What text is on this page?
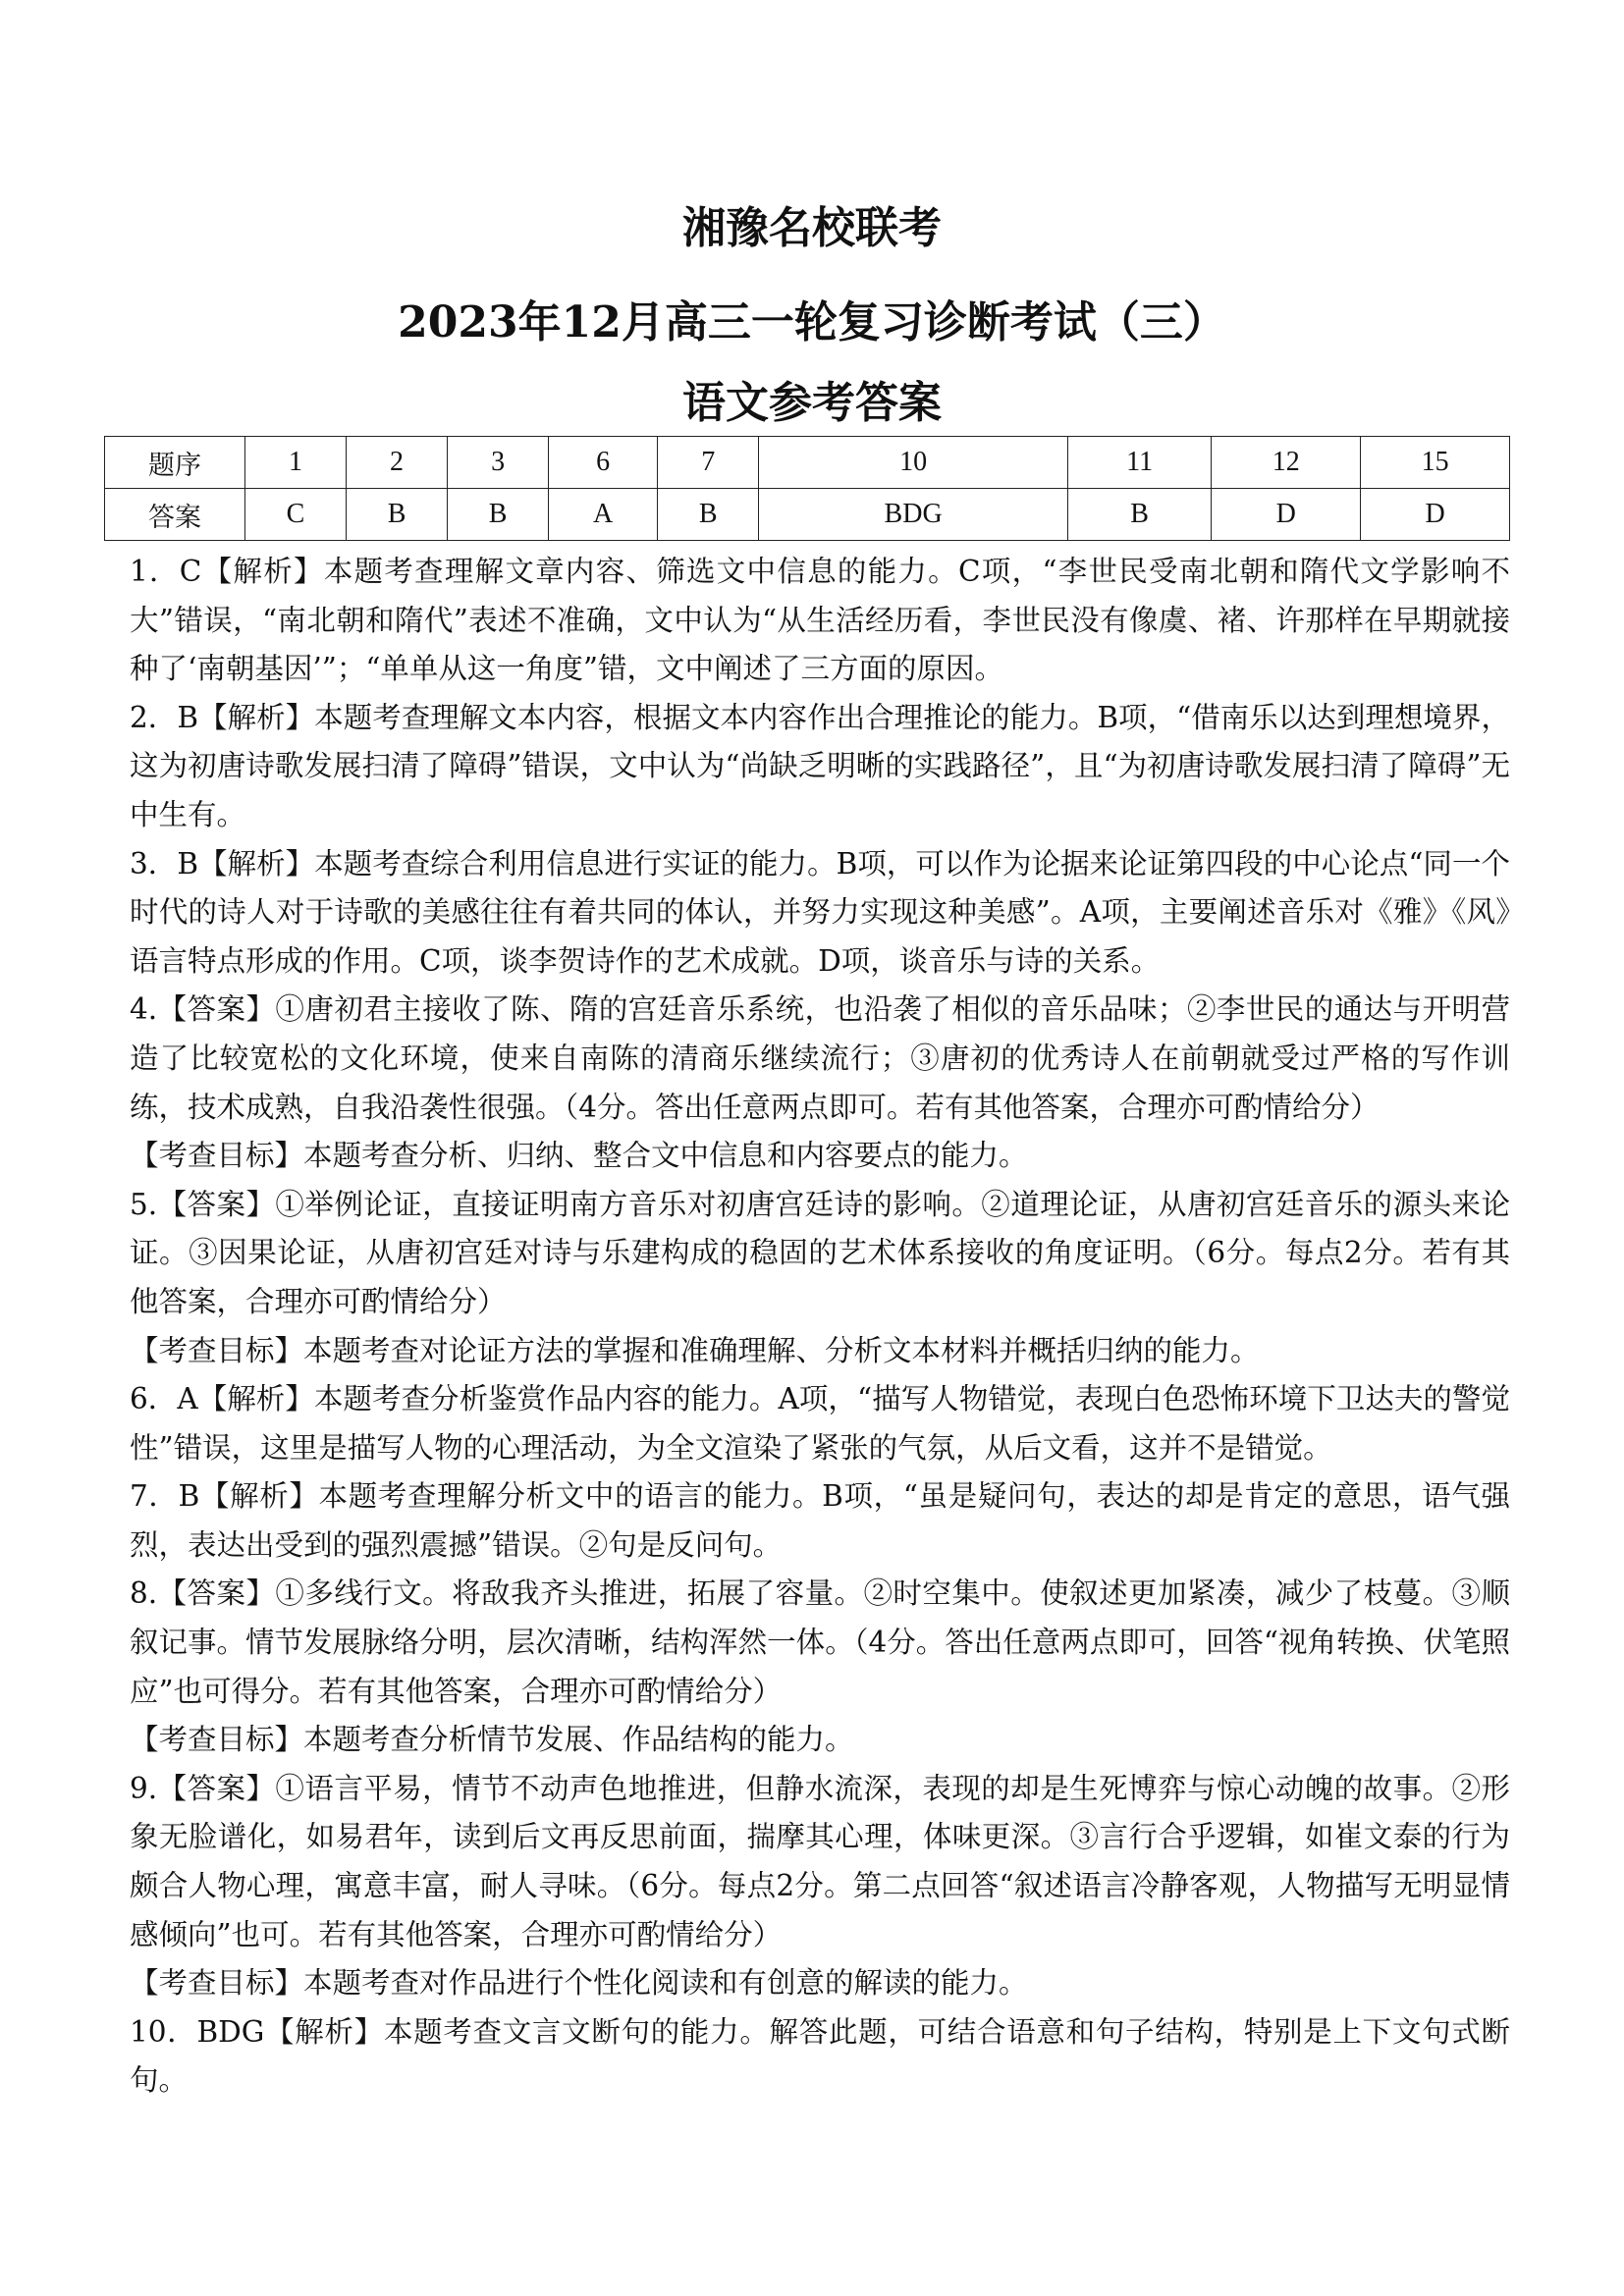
湘豫名校联考
2023年12月高三一轮复习诊断考试（三）
语文参考答案
题序	1	2	3	6	7	10	11	12	15
答案	C	B	B	A	B	BDG	B	D	D

1．C【解析】本题考查理解文章内容、筛选文中信息的能力。C项，“李世民受南北朝和隋代文学影响不大”错误，“南北朝和隋代”表述不准确，文中认为“从生活经历看，李世民没有像虞、褚、许那样在早期就接种了‘南朝基因’”；“单单从这一角度”错，文中阐述了三方面的原因。

2．B【解析】本题考查理解文本内容，根据文本内容作出合理推论的能力。B项，“借南乐以达到理想境界，这为初唐诗歌发展扫清了障碍”错误，文中认为“尚缺乏明晰的实践路径”，且“为初唐诗歌发展扫清了障碍”无中生有。

3．B【解析】本题考查综合利用信息进行实证的能力。B项，可以作为论据来论证第四段的中心论点“同一个时代的诗人对于诗歌的美感往往有着共同的体认，并努力实现这种美感”。A项，主要阐述音乐对《雅》《风》语言特点形成的作用。C项，谈李贺诗作的艺术成就。D项，谈音乐与诗的关系。

4.【答案】①唐初君主接收了陈、隋的宫廷音乐系统，也沿袭了相似的音乐品味；②李世民的通达与开明营造了比较宽松的文化环境，使来自南陈的清商乐继续流行；③唐初的优秀诗人在前朝就受过严格的写作训练，技术成熟，自我沿袭性很强。（4分。答出任意两点即可。若有其他答案，合理亦可酌情给分）

【考查目标】本题考查分析、归纳、整合文中信息和内容要点的能力。

5.【答案】①举例论证，直接证明南方音乐对初唐宫廷诗的影响。②道理论证，从唐初宫廷音乐的源头来论证。③因果论证，从唐初宫廷对诗与乐建构成的稳固的艺术体系接收的角度证明。（6分。每点2分。若有其他答案，合理亦可酌情给分）

【考查目标】本题考查对论证方法的掌握和准确理解、分析文本材料并概括归纳的能力。

6．A【解析】本题考查分析鉴赏作品内容的能力。A项，“描写人物错觉，表现白色恐怖环境下卫达夫的警觉性”错误，这里是描写人物的心理活动，为全文渲染了紧张的气氛，从后文看，这并不是错觉。

7．B【解析】本题考查理解分析文中的语言的能力。B项，“虽是疑问句，表达的却是肯定的意思，语气强烈，表达出受到的强烈震撼”错误。②句是反问句。

8.【答案】①多线行文。将敌我齐头推进，拓展了容量。②时空集中。使叙述更加紧凑，减少了枝蔓。③顺叙记事。情节发展脉络分明，层次清晰，结构浑然一体。（4分。答出任意两点即可，回答“视角转换、伏笔照应”也可得分。若有其他答案，合理亦可酌情给分）

【考查目标】本题考查分析情节发展、作品结构的能力。

9.【答案】①语言平易，情节不动声色地推进，但静水流深，表现的却是生死博弈与惊心动魄的故事。②形象无脸谱化，如易君年，读到后文再反思前面，揣摩其心理，体味更深。③言行合乎逻辑，如崔文泰的行为颇合人物心理，寓意丰富，耐人寻味。（6分。每点2分。第二点回答“叙述语言冷静客观，人物描写无明显情感倾向”也可。若有其他答案，合理亦可酌情给分）

【考查目标】本题考查对作品进行个性化阅读和有创意的解读的能力。

10．BDG【解析】本题考查文言文断句的能力。解答此题，可结合语意和句子结构，特别是上下文句式断句。
